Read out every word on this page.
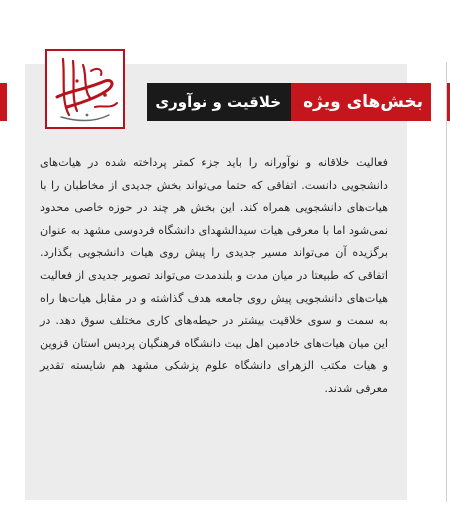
بخش‌های ویژه
خلاقیت و نوآوری

فعالیت خلاقانه و نوآورانه را باید جزء کمتر پرداخته شده در هیات‌های دانشجویی دانست. اتفاقی که حتما می‌تواند بخش جدیدی از مخاطبان را با هیات‌های دانشجویی همراه کند. این بخش هر چند در حوزه خاصی محدود نمی‌شود اما با معرفی هیات سیدالشهدای دانشگاه فردوسی مشهد به عنوان برگزیده آن می‌تواند مسیر جدیدی را پیش روی هیات دانشجویی بگذارد. اتفاقی که طبیعتا در میان مدت و بلندمدت می‌تواند تصویر جدیدی از فعالیت هیات‌های دانشجویی پیش روی جامعه هدف گذاشته و در مقابل هیات‌ها راه به سمت و سوی خلاقیت بیشتر در حیطه‌های کاری مختلف سوق دهد. در این میان هیات‌های خادمین اهل بیت دانشگاه فرهنگیان پردیس استان قزوین و هیات مکتب الزهرای دانشگاه علوم پزشکی مشهد هم شایسته تقدیر معرفی شدند.
